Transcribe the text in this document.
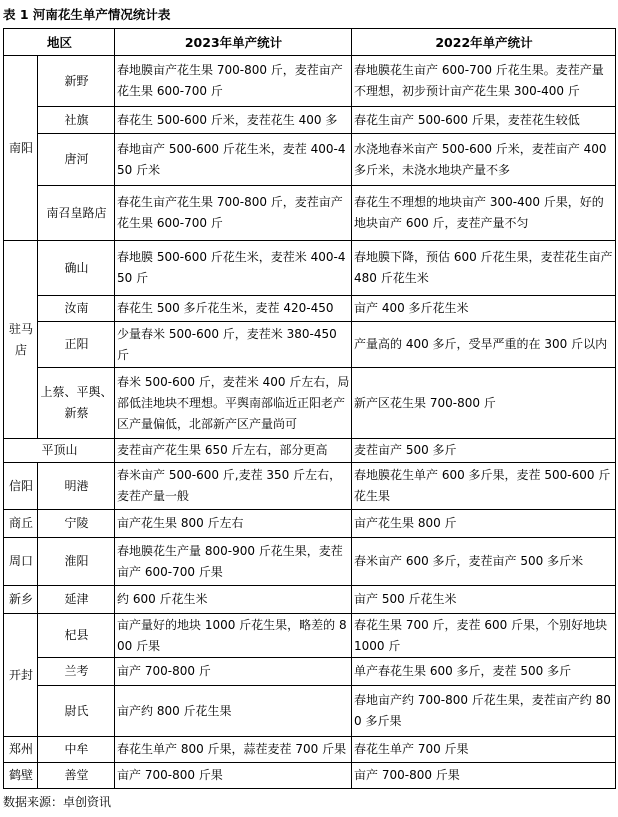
表 1 河南花生单产情况统计表
地区		2023年单产统计	2022年单产统计
南阳	新野	春地膜亩产花生果 700-800 斤，麦茬亩产花生果 600-700 斤	春地膜花生亩产 600-700 斤花生果。麦茬产量不理想，初步预计亩产花生果 300-400 斤

	社旗	春花生 500-600 斤米，麦茬花生 400 多	春花生亩产 500-600 斤果，麦茬花生较低

	唐河	春地亩产 500-600 斤花生米，麦茬 400-450 斤米	水浇地春米亩产 500-600 斤米，麦茬亩产 400 多斤米，未浇水地块产量不多

	南召皇路店	春花生亩产花生果 700-800 斤，麦茬亩产花生果 600-700 斤	春花生不理想的地块亩产 300-400 斤果，好的地块亩产 600 斤，麦茬产量不匀

驻马店	确山	春地膜 500-600 斤花生米，麦茬米 400-450 斤	春地膜下降，预估 600 斤花生果，麦茬花生亩产 480 斤花生米

	汝南	春花生 500 多斤花生米，麦茬 420-450	亩产 400 多斤花生米

	正阳	少量春米 500-600 斤，麦茬米 380-450 斤	产量高的 400 多斤，受旱严重的在 300 斤以内

	上蔡、平舆、新蔡	春米 500-600 斤，麦茬米 400 斤左右，局部低洼地块不理想。平舆南部临近正阳老产区产量偏低，北部新产区产量尚可	新产区花生果 700-800 斤

平顶山		麦茬亩产花生果 650 斤左右，部分更高	麦茬亩产 500 多斤

信阳	明港	春米亩产 500-600 斤,麦茬 350 斤左右，麦茬产量一般	春地膜花生单产 600 多斤果，麦茬 500-600 斤花生果

商丘	宁陵	亩产花生果 800 斤左右	亩产花生果 800 斤

周口	淮阳	春地膜花生产量 800-900 斤花生果，麦茬亩产 600-700 斤果	春米亩产 600 多斤，麦茬亩产 500 多斤米

新乡	延津	约 600 斤花生米	亩产 500 斤花生米

开封	杞县	亩产量好的地块 1000 斤花生果，略差的 800 斤果	春花生果 700 斤，麦茬 600 斤果，个别好地块 1000 斤

	兰考	亩产 700-800 斤	单产春花生果 600 多斤，麦茬 500 多斤

	尉氏	亩产约 800 斤花生果	春地亩产约 700-800 斤花生果，麦茬亩产约 800 多斤果

郑州	中牟	春花生单产 800 斤果，蒜茬麦茬 700 斤果	春花生单产 700 斤果

鹤壁	善堂	亩产 700-800 斤果	亩产 700-800 斤果
数据来源：卓创资讯
